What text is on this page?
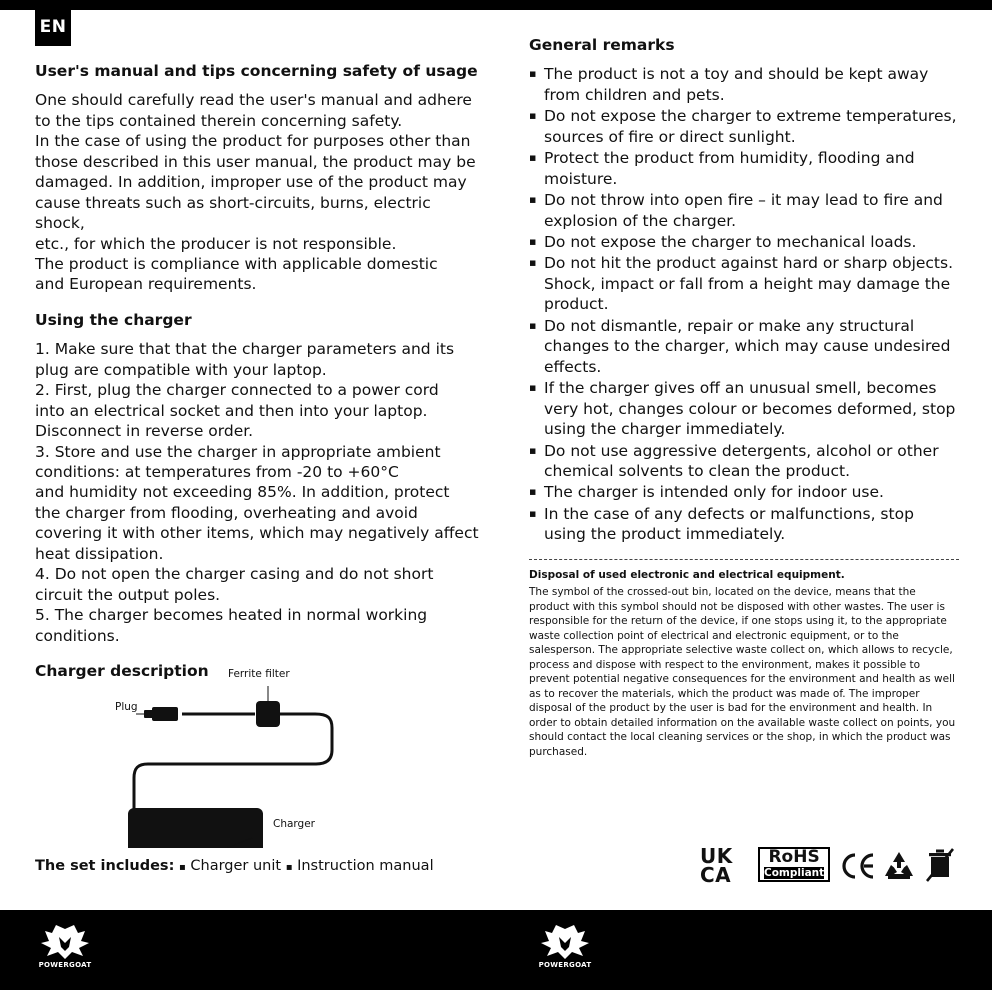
EN
User's manual and tips concerning safety of usage

One should carefully read the user's manual and adhere

to the tips contained therein concerning safety.

In the case of using the product for purposes other than

those described in this user manual, the product may be

damaged. In addition, improper use of the product may

cause threats such as short-circuits, burns, electric shock,

etc., for which the producer is not responsible.

The product is compliance with applicable domestic

and European requirements.

Using the charger

1. Make sure that that the charger parameters and its

plug are compatible with your laptop.

2. First, plug the charger connected to a power cord

into an electrical socket and then into your laptop.

Disconnect in reverse order.

3. Store and use the charger in appropriate ambient

conditions: at temperatures from -20 to +60°C

and humidity not exceeding 85%. In addition, protect

the charger from flooding, overheating and avoid

covering it with other items, which may negatively affect

heat dissipation.

4. Do not open the charger casing and do not short

circuit the output poles.

5. The charger becomes heated in normal working

conditions.

Charger description	Ferrite filter
Plug
Charger
The set includes: ▪ Charger unit ▪ Instruction manual
General remarks
▪ The product is not a toy and should be kept away from children and pets.
▪ Do not expose the charger to extreme temperatures, sources of fire or direct sunlight.
▪ Protect the product from humidity, flooding and moisture.
▪ Do not throw into open fire – it may lead to fire and explosion of the charger.
▪ Do not expose the charger to mechanical loads.
▪ Do not hit the product against hard or sharp objects. Shock, impact or fall from a height may damage the product.
▪ Do not dismantle, repair or make any structural changes to the charger, which may cause undesired effects.
▪ If the charger gives off an unusual smell, becomes very hot, changes colour or becomes deformed, stop using the charger immediately.
▪ Do not use aggressive detergents, alcohol or other chemical solvents to clean the product.
▪ The charger is intended only for indoor use.
▪ In the case of any defects or malfunctions, stop using the product immediately.

Disposal of used electronic and electrical equipment.

The symbol of the crossed-out bin, located on the device, means that the product with this symbol should not be disposed with other wastes. The user is responsible for the return of the device, if one stops using it, to the appropriate waste collection point of electrical and electronic equipment, or to the salesperson. The appropriate selective waste collect on, which allows to recycle, process and dispose with respect to the environment, makes it possible to prevent potential negative consequences for the environment and health as well as to recover the materials, which the product was made of. The improper disposal of the product by the user is bad for the environment and health. In order to obtain detailed information on the available waste collect on points, you should contact the local cleaning services or the shop, in which the product was purchased.

UK
CA
RoHS
Compliant
POWERGOAT	POWERGOAT
